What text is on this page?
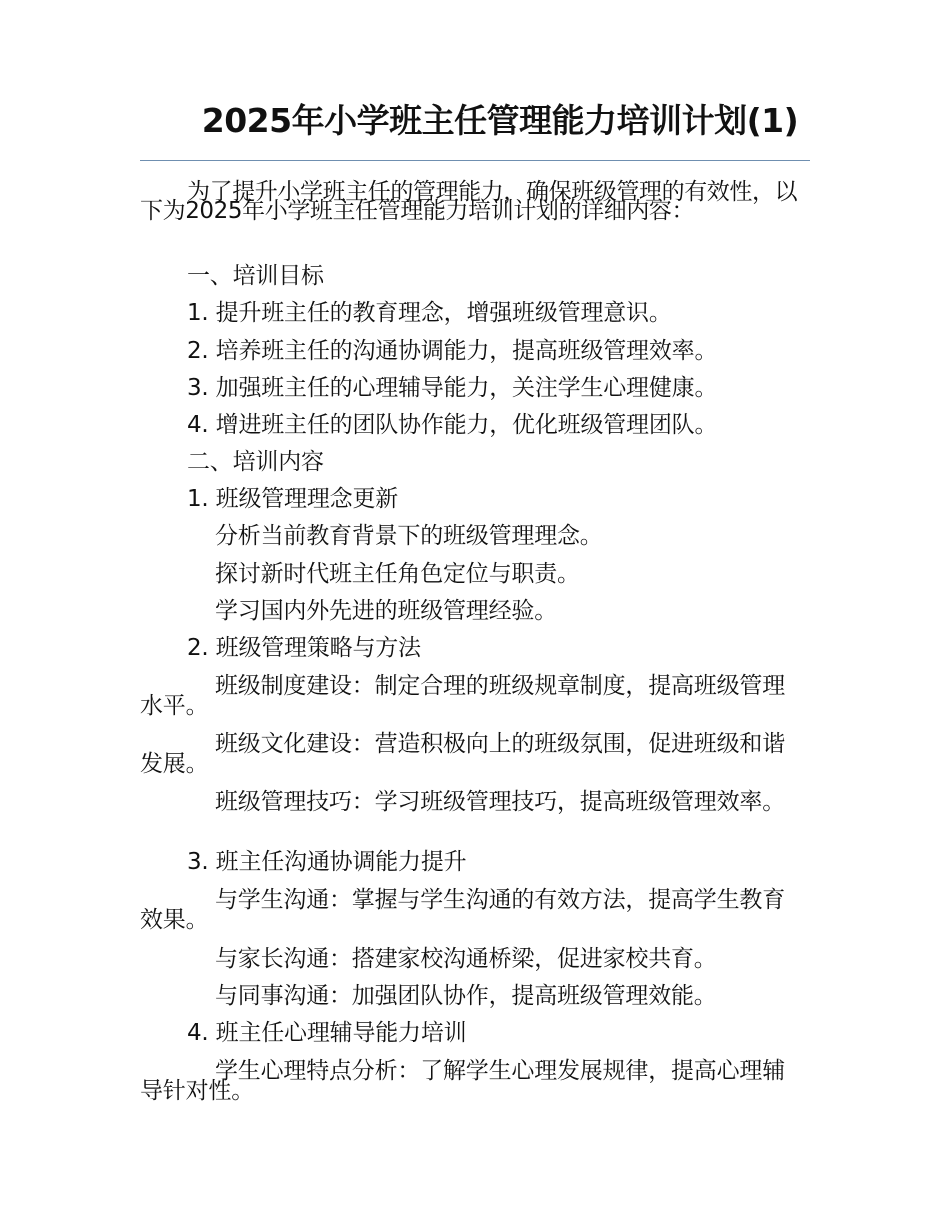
2025年小学班主任管理能力培训计划(1)
为了提升小学班主任的管理能力，确保班级管理的有效性，以下为2025年小学班主任管理能力培训计划的详细内容：
一、培训目标
1. 提升班主任的教育理念，增强班级管理意识。
2. 培养班主任的沟通协调能力，提高班级管理效率。
3. 加强班主任的心理辅导能力，关注学生心理健康。
4. 增进班主任的团队协作能力，优化班级管理团队。
二、培训内容
1. 班级管理理念更新
分析当前教育背景下的班级管理理念。
探讨新时代班主任角色定位与职责。
学习国内外先进的班级管理经验。
2. 班级管理策略与方法
班级制度建设：制定合理的班级规章制度，提高班级管理水平。
班级文化建设：营造积极向上的班级氛围，促进班级和谐发展。
班级管理技巧：学习班级管理技巧，提高班级管理效率。
3. 班主任沟通协调能力提升
与学生沟通：掌握与学生沟通的有效方法，提高学生教育效果。
与家长沟通：搭建家校沟通桥梁，促进家校共育。
与同事沟通：加强团队协作，提高班级管理效能。
4. 班主任心理辅导能力培训
学生心理特点分析：了解学生心理发展规律，提高心理辅导针对性。
